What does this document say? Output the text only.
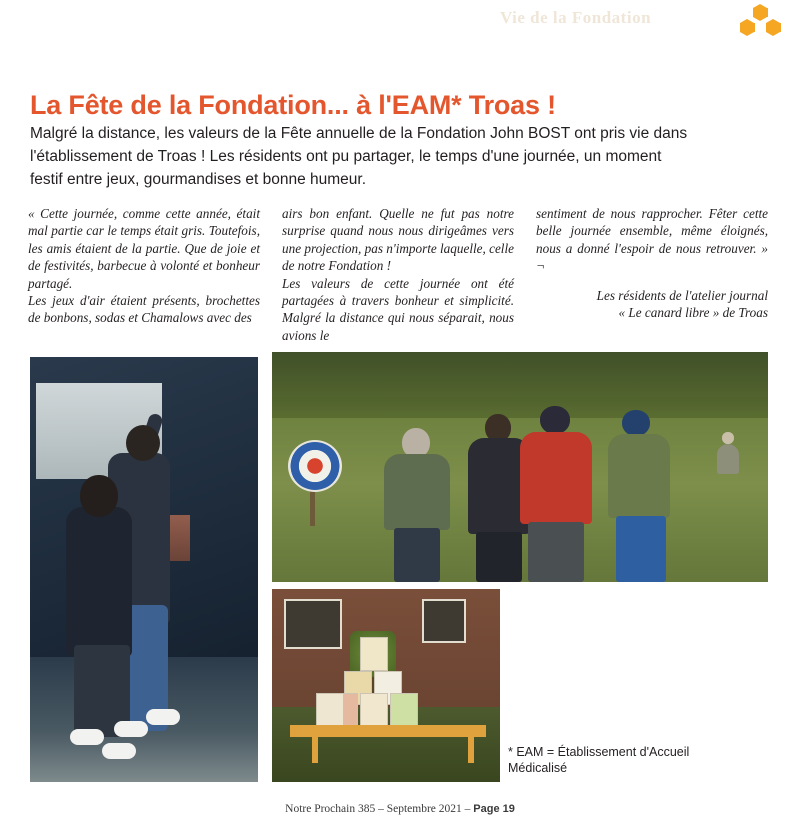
Vie de la Fondation
La Fête de la Fondation... à l'EAM* Troas !
Malgré la distance, les valeurs de la Fête annuelle de la Fondation John BOST ont pris vie dans l'établissement de Troas ! Les résidents ont pu partager, le temps d'une journée, un moment festif entre jeux, gourmandises et bonne humeur.

« Cette journée, comme cette année, était mal partie car le temps était gris. Toutefois, les amis étaient de la partie. Que de joie et de festivités, barbecue à volonté et bonheur partagé.

Les jeux d'air étaient présents, brochettes de bonbons, sodas et Chamalows avec des

airs bon enfant. Quelle ne fut pas notre surprise quand nous nous dirigeâmes vers une projection, pas n'importe laquelle, celle de notre Fondation !

Les valeurs de cette journée ont été partagées à travers bonheur et simplicité. Malgré la distance qui nous séparait, nous avions le

sentiment de nous rapprocher. Fêter cette belle journée ensemble, même éloignés, nous a donné l'espoir de nous retrouver. » ¬

Les résidents de l'atelier journal
« Le canard libre » de Troas
* EAM = Établissement d'Accueil
Médicalisé
Notre Prochain 385 – Septembre 2021 – Page 19
